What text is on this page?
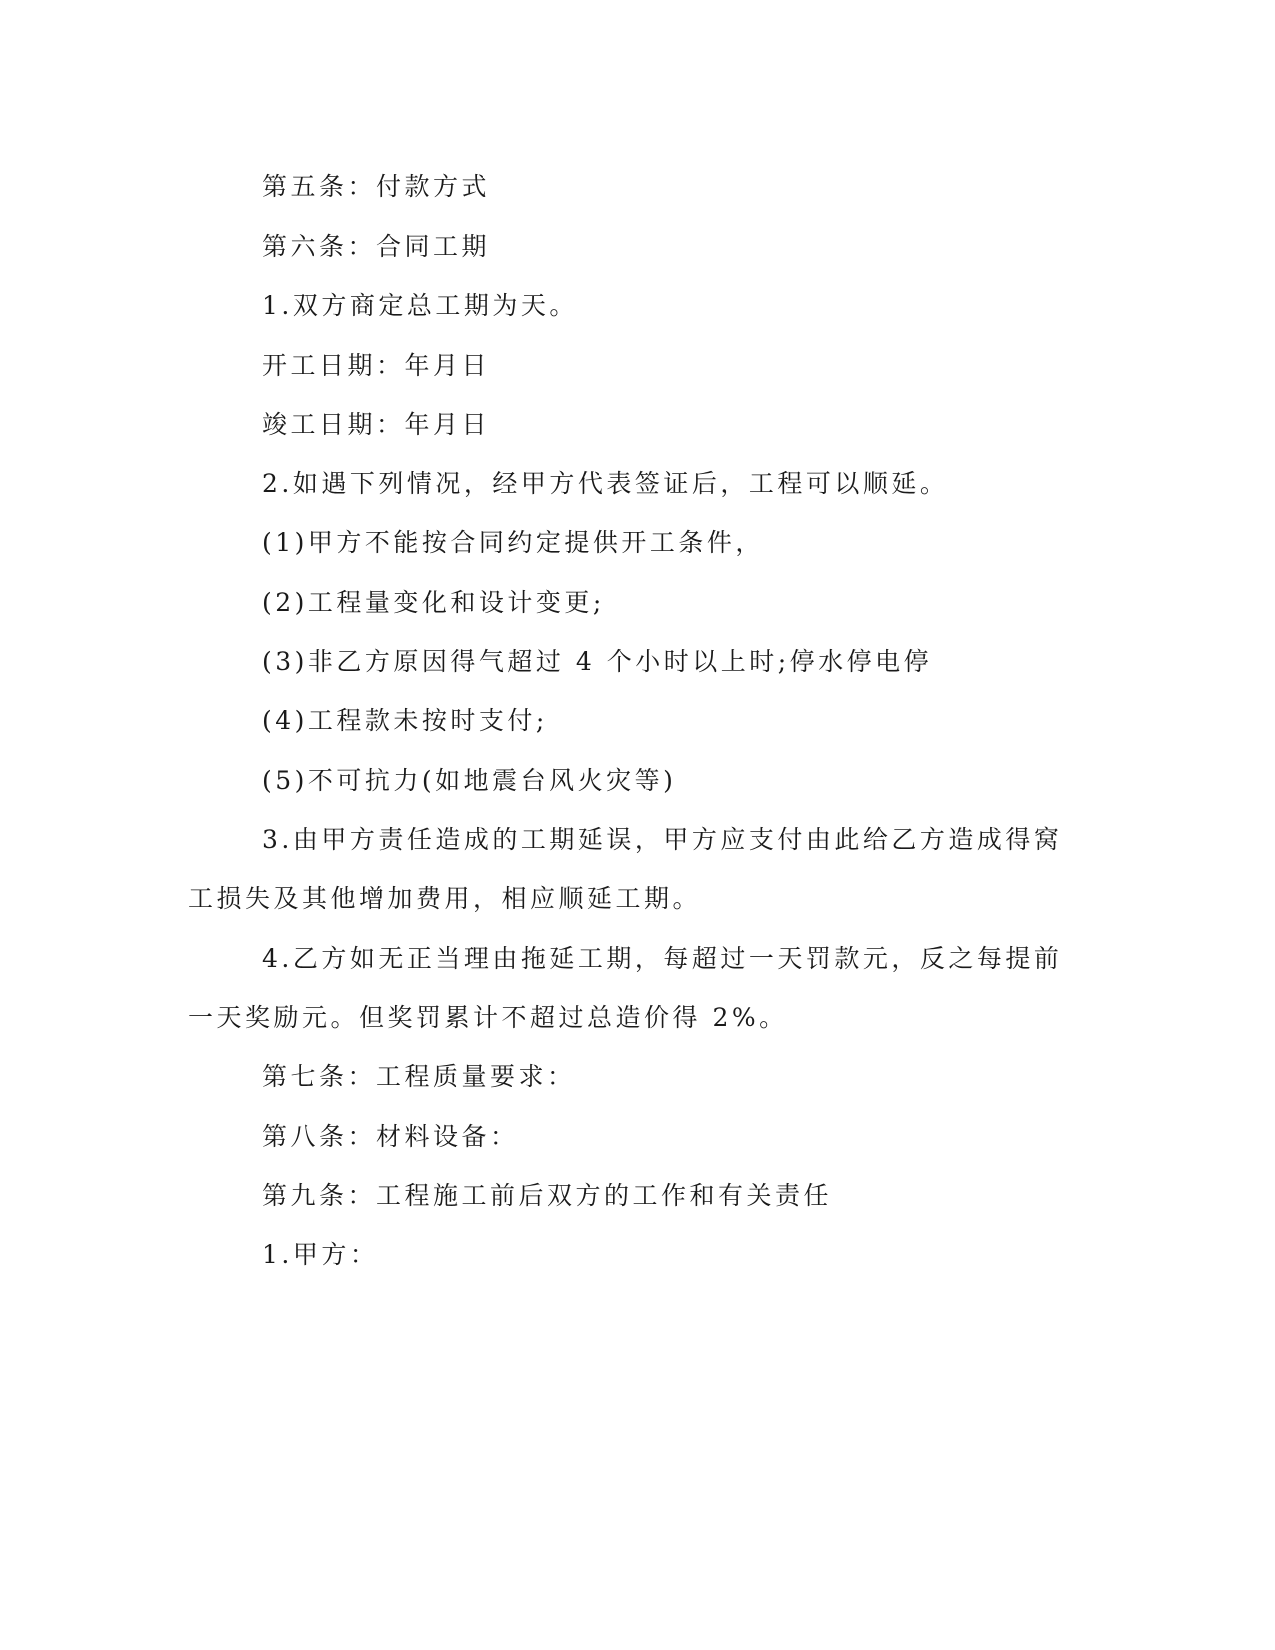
第五条：付款方式
第六条：合同工期
1.双方商定总工期为天。
开工日期：年月日
竣工日期：年月日
2.如遇下列情况，经甲方代表签证后，工程可以顺延。
(1)甲方不能按合同约定提供开工条件，
(2)工程量变化和设计变更;
(3)非乙方原因得气超过 4 个小时以上时;停水停电停
(4)工程款未按时支付;
(5)不可抗力(如地震台风火灾等)
3.由甲方责任造成的工期延误，甲方应支付由此给乙方造成得窝
工损失及其他增加费用，相应顺延工期。
4.乙方如无正当理由拖延工期，每超过一天罚款元，反之每提前
一天奖励元。但奖罚累计不超过总造价得 2%。
第七条：工程质量要求：
第八条：材料设备：
第九条：工程施工前后双方的工作和有关责任
1.甲方：
